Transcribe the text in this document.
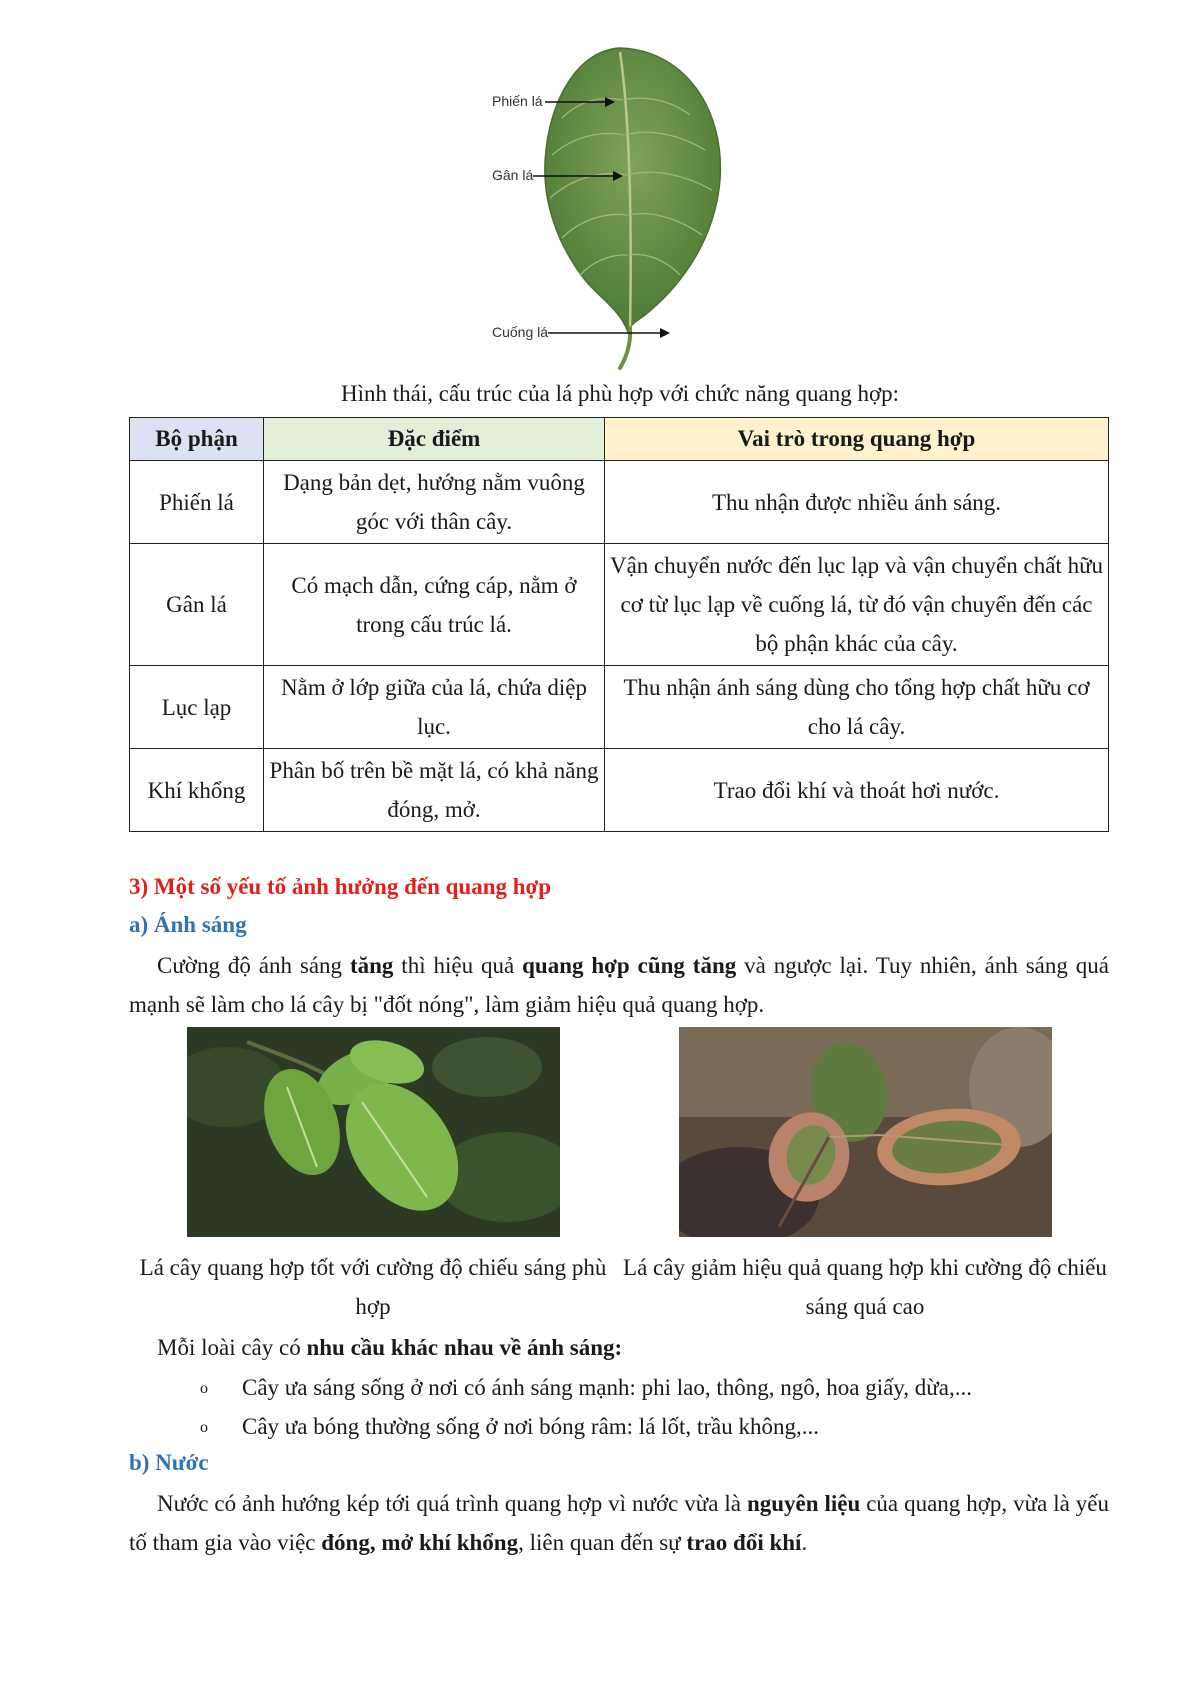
Phiến lá
Gân lá
Cuống lá
Hình thái, cấu trúc của lá phù hợp với chức năng quang hợp:
Bộ phận	Đặc điểm	Vai trò trong quang hợp
Phiến lá	Dạng bản dẹt, hướng nằm vuông góc với thân cây.	Thu nhận được nhiều ánh sáng.
Gân lá	Có mạch dẫn, cứng cáp, nằm ở trong cấu trúc lá.	Vận chuyển nước đến lục lạp và vận chuyển chất hữu cơ từ lục lạp về cuống lá, từ đó vận chuyển đến các bộ phận khác của cây.
Lục lạp	Nằm ở lớp giữa của lá, chứa diệp lục.	Thu nhận ánh sáng dùng cho tổng hợp chất hữu cơ cho lá cây.
Khí khổng	Phân bố trên bề mặt lá, có khả năng đóng, mở.	Trao đổi khí và thoát hơi nước.
3) Một số yếu tố ảnh hưởng đến quang hợp
a) Ánh sáng
Cường độ ánh sáng tăng thì hiệu quả quang hợp cũng tăng và ngược lại. Tuy nhiên, ánh sáng quá mạnh sẽ làm cho lá cây bị "đốt nóng", làm giảm hiệu quả quang hợp.
Lá cây quang hợp tốt với cường độ chiếu sáng phù hợp
Lá cây giảm hiệu quả quang hợp khi cường độ chiếu sáng quá cao
Mỗi loài cây có nhu cầu khác nhau về ánh sáng:
o Cây ưa sáng sống ở nơi có ánh sáng mạnh: phi lao, thông, ngô, hoa giấy, dừa,...
o Cây ưa bóng thường sống ở nơi bóng râm: lá lốt, trầu không,...
b) Nước
Nước có ảnh hướng kép tới quá trình quang hợp vì nước vừa là nguyên liệu của quang hợp, vừa là yếu tố tham gia vào việc đóng, mở khí khổng, liên quan đến sự trao đổi khí.
